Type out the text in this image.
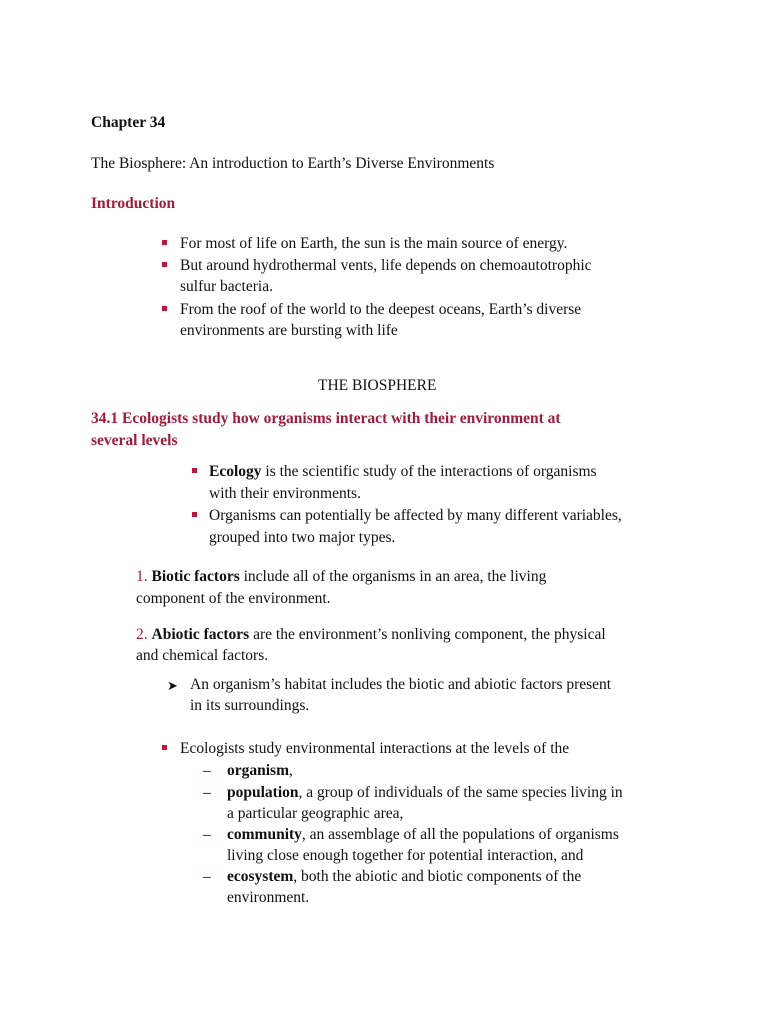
Chapter 34
The Biosphere: An introduction to Earth’s Diverse Environments
Introduction
For most of life on Earth, the sun is the main source of energy.
But around hydrothermal vents, life depends on chemoautotrophic
sulfur bacteria.
From the roof of the world to the deepest oceans, Earth’s diverse
environments are bursting with life
THE BIOSPHERE
34.1 Ecologists study how organisms interact with their environment at
several levels
Ecology is the scientific study of the interactions of organisms
with their environments.
Organisms can potentially be affected by many different variables,
grouped into two major types.
1. Biotic factors include all of the organisms in an area, the living
component of the environment.
2. Abiotic factors are the environment’s nonliving component, the physical
and chemical factors.
➤ An organism’s habitat includes the biotic and abiotic factors present
in its surroundings.
Ecologists study environmental interactions at the levels of the
– organism,
– population, a group of individuals of the same species living in
a particular geographic area,
– community, an assemblage of all the populations of organisms
living close enough together for potential interaction, and
– ecosystem, both the abiotic and biotic components of the
environment.
